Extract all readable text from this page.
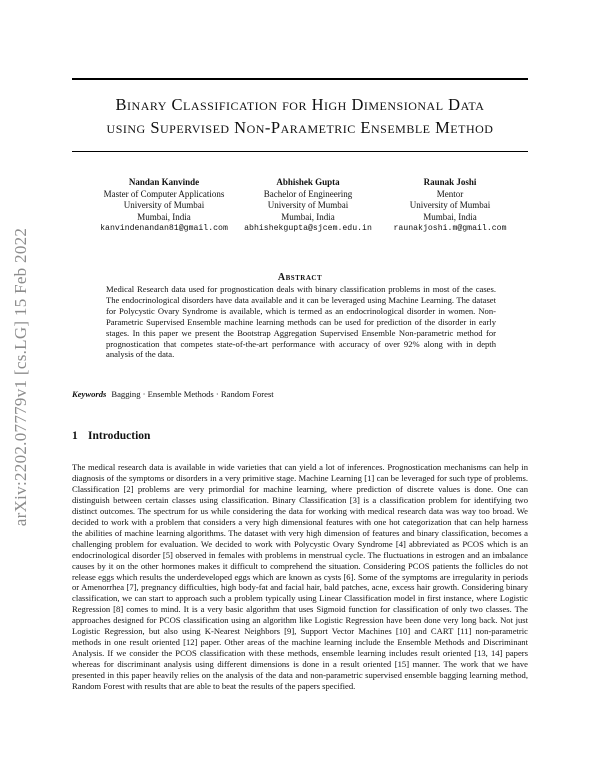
arXiv:2202.07779v1 [cs.LG] 15 Feb 2022
Binary Classification for High Dimensional Data
using Supervised Non-Parametric Ensemble Method
Nandan Kanvinde
Master of Computer Applications
University of Mumbai
Mumbai, India
kanvindenandan81@gmail.com
Abhishek Gupta
Bachelor of Engineering
University of Mumbai
Mumbai, India
abhishekgupta@sjcem.edu.in
Raunak Joshi
Mentor
University of Mumbai
Mumbai, India
raunakjoshi.m@gmail.com
Abstract
Medical Research data used for prognostication deals with binary classification problems in most of the cases. The endocrinological disorders have data available and it can be leveraged using Machine Learning. The dataset for Polycystic Ovary Syndrome is available, which is termed as an endocrinological disorder in women. Non-Parametric Supervised Ensemble machine learning methods can be used for prediction of the disorder in early stages. In this paper we present the Bootstrap Aggregation Supervised Ensemble Non-parametric method for prognostication that competes state-of-the-art performance with accuracy of over 92% along with in depth analysis of the data.
Keywords Bagging · Ensemble Methods · Random Forest
1 Introduction
The medical research data is available in wide varieties that can yield a lot of inferences. Prognostication mechanisms can help in diagnosis of the symptoms or disorders in a very primitive stage. Machine Learning [1] can be leveraged for such type of problems. Classification [2] problems are very primordial for machine learning, where prediction of discrete values is done. One can distinguish between certain classes using classification. Binary Classification [3] is a classification problem for identifying two distinct outcomes. The spectrum for us while considering the data for working with medical research data was way too broad. We decided to work with a problem that considers a very high dimensional features with one hot categorization that can help harness the abilities of machine learning algorithms. The dataset with very high dimension of features and binary classification, becomes a challenging problem for evaluation. We decided to work with Polycystic Ovary Syndrome [4] abbreviated as PCOS which is an endocrinological disorder [5] observed in females with problems in menstrual cycle. The fluctuations in estrogen and an imbalance causes by it on the other hormones makes it difficult to comprehend the situation. Considering PCOS patients the follicles do not release eggs which results the underdeveloped eggs which are known as cysts [6]. Some of the symptoms are irregularity in periods or Amenorrhea [7], pregnancy difficulties, high body-fat and facial hair, bald patches, acne, excess hair growth. Considering binary classification, we can start to approach such a problem typically using Linear Classification model in first instance, where Logistic Regression [8] comes to mind. It is a very basic algorithm that uses Sigmoid function for classification of only two classes. The approaches designed for PCOS classification using an algorithm like Logistic Regression have been done very long back. Not just Logistic Regression, but also using K-Nearest Neighbors [9], Support Vector Machines [10] and CART [11] non-parametric methods in one result oriented [12] paper. Other areas of the machine learning include the Ensemble Methods and Discriminant Analysis. If we consider the PCOS classification with these methods, ensemble learning includes result oriented [13, 14] papers whereas for discriminant analysis using different dimensions is done in a result oriented [15] manner. The work that we have presented in this paper heavily relies on the analysis of the data and non-parametric supervised ensemble bagging learning method, Random Forest with results that are able to beat the results of the papers specified.
